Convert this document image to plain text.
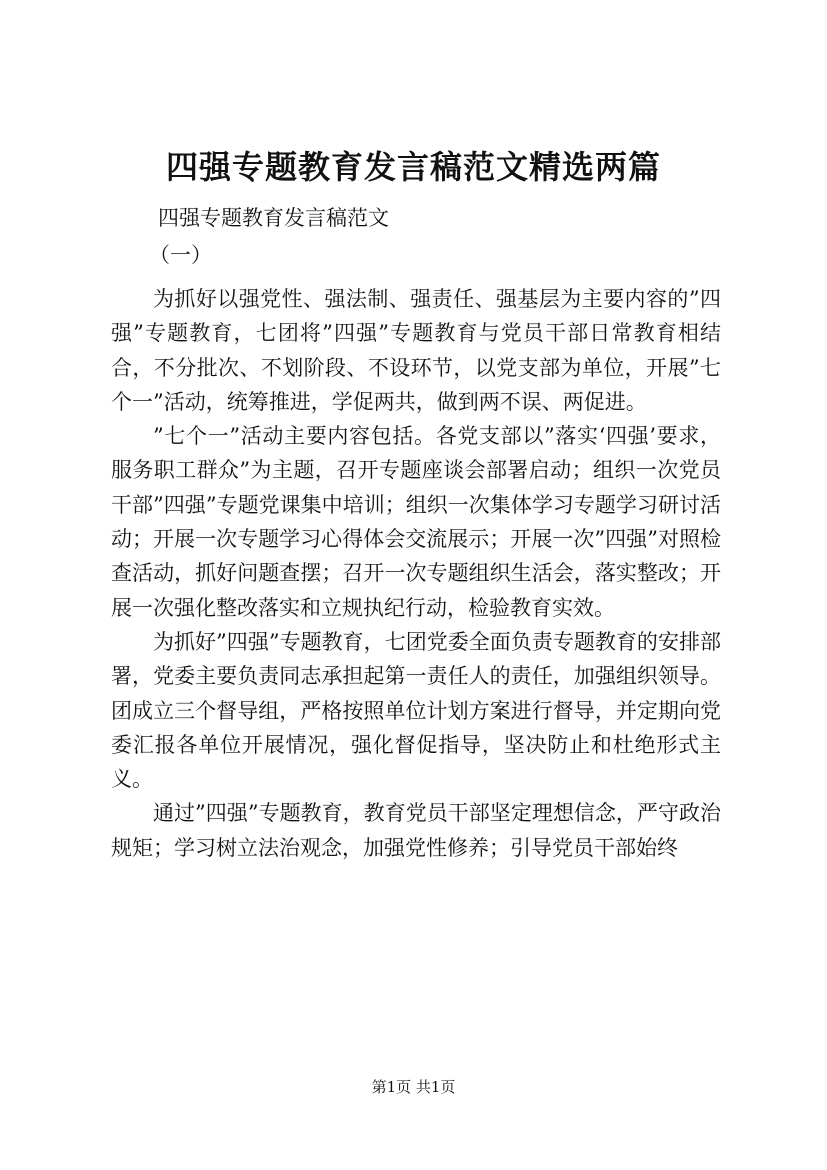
四强专题教育发言稿范文精选两篇
四强专题教育发言稿范文
（一）

为抓好以强党性、强法制、强责任、强基层为主要内容的”四强”专题教育，七团将”四强”专题教育与党员干部日常教育相结合，不分批次、不划阶段、不设环节，以党支部为单位，开展”七个一”活动，统筹推进，学促两共，做到两不误、两促进。

”七个一”活动主要内容包括。各党支部以”落实‘四强’要求，服务职工群众”为主题，召开专题座谈会部署启动；组织一次党员干部”四强”专题党课集中培训；组织一次集体学习专题学习研讨活动；开展一次专题学习心得体会交流展示；开展一次”四强”对照检查活动，抓好问题查摆；召开一次专题组织生活会，落实整改；开展一次强化整改落实和立规执纪行动，检验教育实效。

为抓好”四强”专题教育，七团党委全面负责专题教育的安排部署，党委主要负责同志承担起第一责任人的责任，加强组织领导。团成立三个督导组，严格按照单位计划方案进行督导，并定期向党委汇报各单位开展情况，强化督促指导，坚决防止和杜绝形式主义。

通过”四强”专题教育，教育党员干部坚定理想信念，严守政治规矩；学习树立法治观念，加强党性修养；引导党员干部始终

第1页 共1页
